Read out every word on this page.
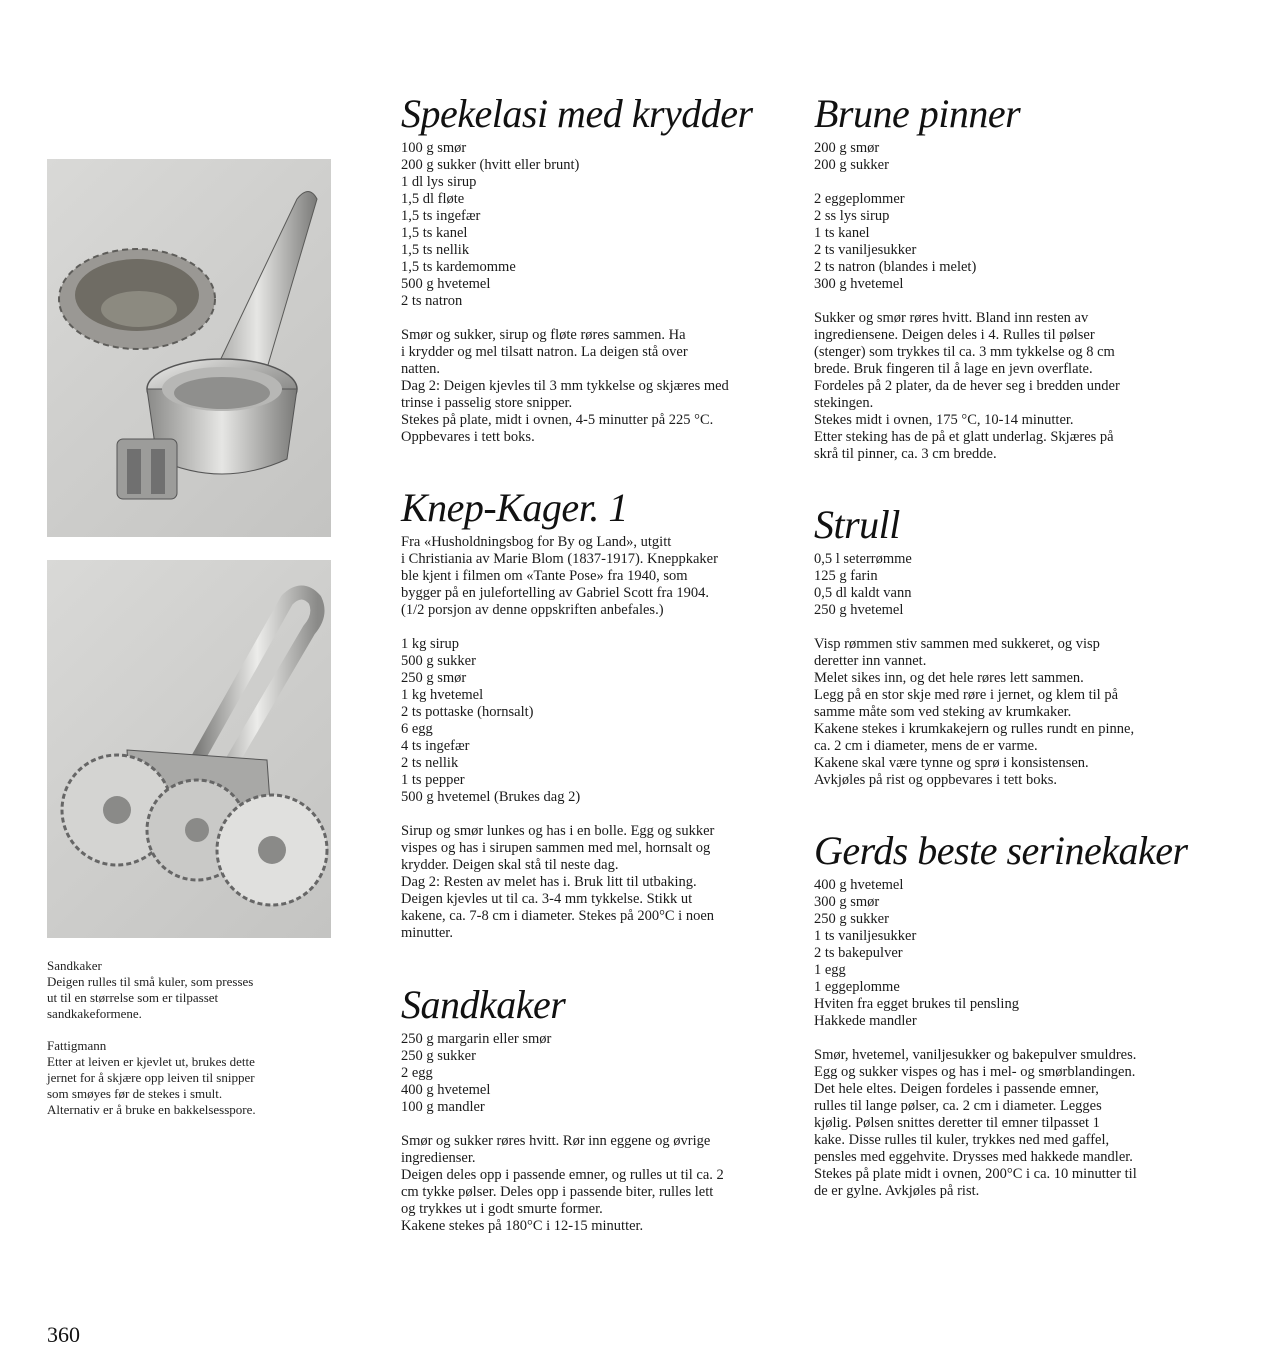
Sandkaker
Deigen rulles til små kuler, som presses
ut til en størrelse som er tilpasset
sandkakeformene.
Fattigmann
Etter at leiven er kjevlet ut, brukes dette
jernet for å skjære opp leiven til snipper
som smøyes før de stekes i smult.
Alternativ er å bruke en bakkelsesspore.
Spekelasi med krydder
100 g smør
200 g sukker (hvitt eller brunt)
1 dl lys sirup
1,5 dl fløte
1,5 ts ingefær
1,5 ts kanel
1,5 ts nellik
1,5 ts kardemomme
500 g hvetemel
2 ts natron
Smør og sukker, sirup og fløte røres sammen. Ha
i krydder og mel tilsatt natron. La deigen stå over
natten.
Dag 2: Deigen kjevles til 3 mm tykkelse og skjæres med
trinse i passelig store snipper.
Stekes på plate, midt i ovnen, 4-5 minutter på 225 °C.
Oppbevares i tett boks.
Knep-Kager. 1
Fra «Husholdningsbog for By og Land», utgitt
i Christiania av Marie Blom (1837-1917). Kneppkaker
ble kjent i filmen om «Tante Pose» fra 1940, som
bygger på en julefortelling av Gabriel Scott fra 1904.
(1/2 porsjon av denne oppskriften anbefales.)
1 kg sirup
500 g sukker
250 g smør
1 kg hvetemel
2 ts pottaske (hornsalt)
6 egg
4 ts ingefær
2 ts nellik
1 ts pepper
500 g hvetemel (Brukes dag 2)
Sirup og smør lunkes og has i en bolle. Egg og sukker
vispes og has i sirupen sammen med mel, hornsalt og
krydder. Deigen skal stå til neste dag.
Dag 2: Resten av melet has i. Bruk litt til utbaking.
Deigen kjevles ut til ca. 3-4 mm tykkelse. Stikk ut
kakene, ca. 7-8 cm i diameter. Stekes på 200°C i noen
minutter.
Sandkaker
250 g margarin eller smør
250 g sukker
2 egg
400 g hvetemel
100 g mandler
Smør og sukker røres hvitt. Rør inn eggene og øvrige
ingredienser.
Deigen deles opp i passende emner, og rulles ut til ca. 2
cm tykke pølser. Deles opp i passende biter, rulles lett
og trykkes ut i godt smurte former.
Kakene stekes på 180°C i 12-15 minutter.
Brune pinner
200 g smør
200 g sukker
2 eggeplommer
2 ss lys sirup
1 ts kanel
2 ts vaniljesukker
2 ts natron (blandes i melet)
300 g hvetemel
Sukker og smør røres hvitt. Bland inn resten av
ingrediensene. Deigen deles i 4. Rulles til pølser
(stenger) som trykkes til ca. 3 mm tykkelse og 8 cm
brede. Bruk fingeren til å lage en jevn overflate.
Fordeles på 2 plater, da de hever seg i bredden under
stekingen.
Stekes midt i ovnen, 175 °C, 10-14 minutter.
Etter steking has de på et glatt underlag. Skjæres på
skrå til pinner, ca. 3 cm bredde.
Strull
0,5 l seterrømme
125 g farin
0,5 dl kaldt vann
250 g hvetemel
Visp rømmen stiv sammen med sukkeret, og visp
deretter inn vannet.
Melet sikes inn, og det hele røres lett sammen.
Legg på en stor skje med røre i jernet, og klem til på
samme måte som ved steking av krumkaker.
Kakene stekes i krumkakejern og rulles rundt en pinne,
ca. 2 cm i diameter, mens de er varme.
Kakene skal være tynne og sprø i konsistensen.
Avkjøles på rist og oppbevares i tett boks.
Gerds beste serinekaker
400 g hvetemel
300 g smør
250 g sukker
1 ts vaniljesukker
2 ts bakepulver
1 egg
1 eggeplomme
Hviten fra egget brukes til pensling
Hakkede mandler
Smør, hvetemel, vaniljesukker og bakepulver smuldres.
Egg og sukker vispes og has i mel- og smørblandingen.
Det hele eltes. Deigen fordeles i passende emner,
rulles til lange pølser, ca. 2 cm i diameter. Legges
kjølig. Pølsen snittes deretter til emner tilpasset 1
kake. Disse rulles til kuler, trykkes ned med gaffel,
pensles med eggehvite. Drysses med hakkede mandler.
Stekes på plate midt i ovnen, 200°C i ca. 10 minutter til
de er gylne. Avkjøles på rist.
360
